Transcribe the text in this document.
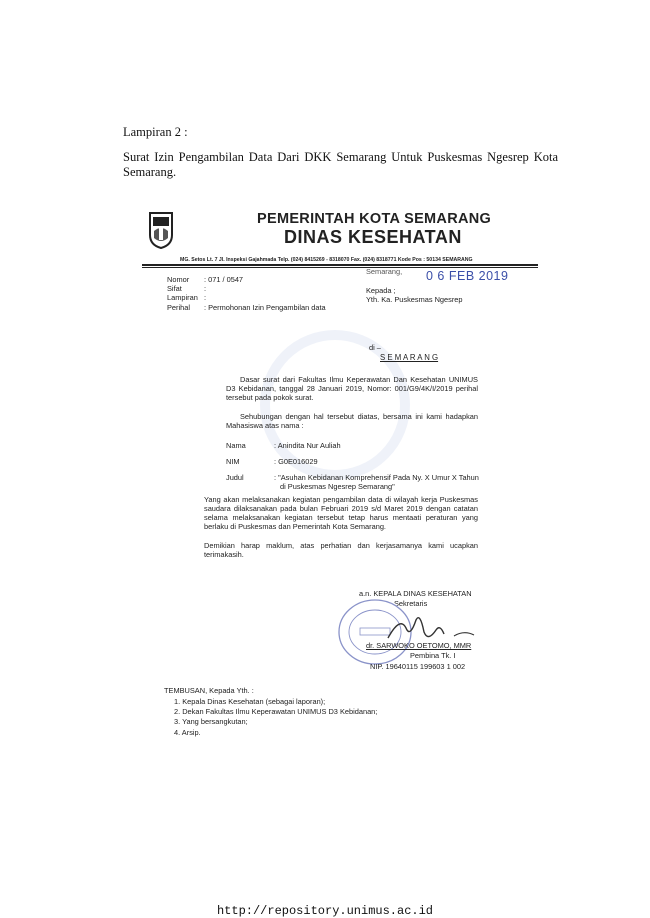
Lampiran 2 :
Surat Izin Pengambilan Data Dari DKK Semarang Untuk Puskesmas Ngesrep Kota Semarang.
PEMERINTAH KOTA SEMARANG
DINAS KESEHATAN
MG. Setos Lt. 7 Jl. Inspeksi Gajahmada Telp. (024) 8415269 - 8318070 Fax. (024) 8318771 Kode Pos : 50134 SEMARANG
Nomor : 071 / 0547
Sifat	:
Lampiran :
Perihal : Permohonan Izin Pengambilan data
Semarang, 0 6 FEB 2019
Kepada ;
Yth. Ka. Puskesmas Ngesrep
di –
S E M A R A N G
Dasar surat dari Fakultas Ilmu Keperawatan Dan Kesehatan UNIMUS D3 Kebidanan, tanggal 28 Januari 2019, Nomor: 001/G9/4K/I/2019 perihal tersebut pada pokok surat.
Sehubungan dengan hal tersebut diatas, bersama ini kami hadapkan Mahasiswa atas nama :
Nama	: Anindita Nur Auliah
NIM	: G0E016029
Judul	: "Asuhan Kebidanan Komprehensif Pada Ny. X Umur X Tahun
di Puskesmas Ngesrep Semarang"
Yang akan melaksanakan kegiatan pengambilan data di wilayah kerja Puskesmas saudara dilaksanakan pada bulan Februari 2019 s/d Maret 2019 dengan catatan selama melaksanakan kegiatan tersebut tetap harus mentaati peraturan yang berlaku di Puskesmas dan Pemerintah Kota Semarang.
Demikian harap maklum, atas perhatian dan kerjasamanya kami ucapkan terimakasih.
a.n. KEPALA DINAS KESEHATAN
Sekretaris
dr. SARWOKO OETOMO, MMR
Pembina Tk. I
NIP. 19640115 199603 1 002
TEMBUSAN, Kepada Yth. :
1. Kepala Dinas Kesehatan (sebagai laporan);
2. Dekan Fakultas Ilmu Keperawatan UNIMUS D3 Kebidanan;
3. Yang bersangkutan;
4. Arsip.
http://repository.unimus.ac.id
